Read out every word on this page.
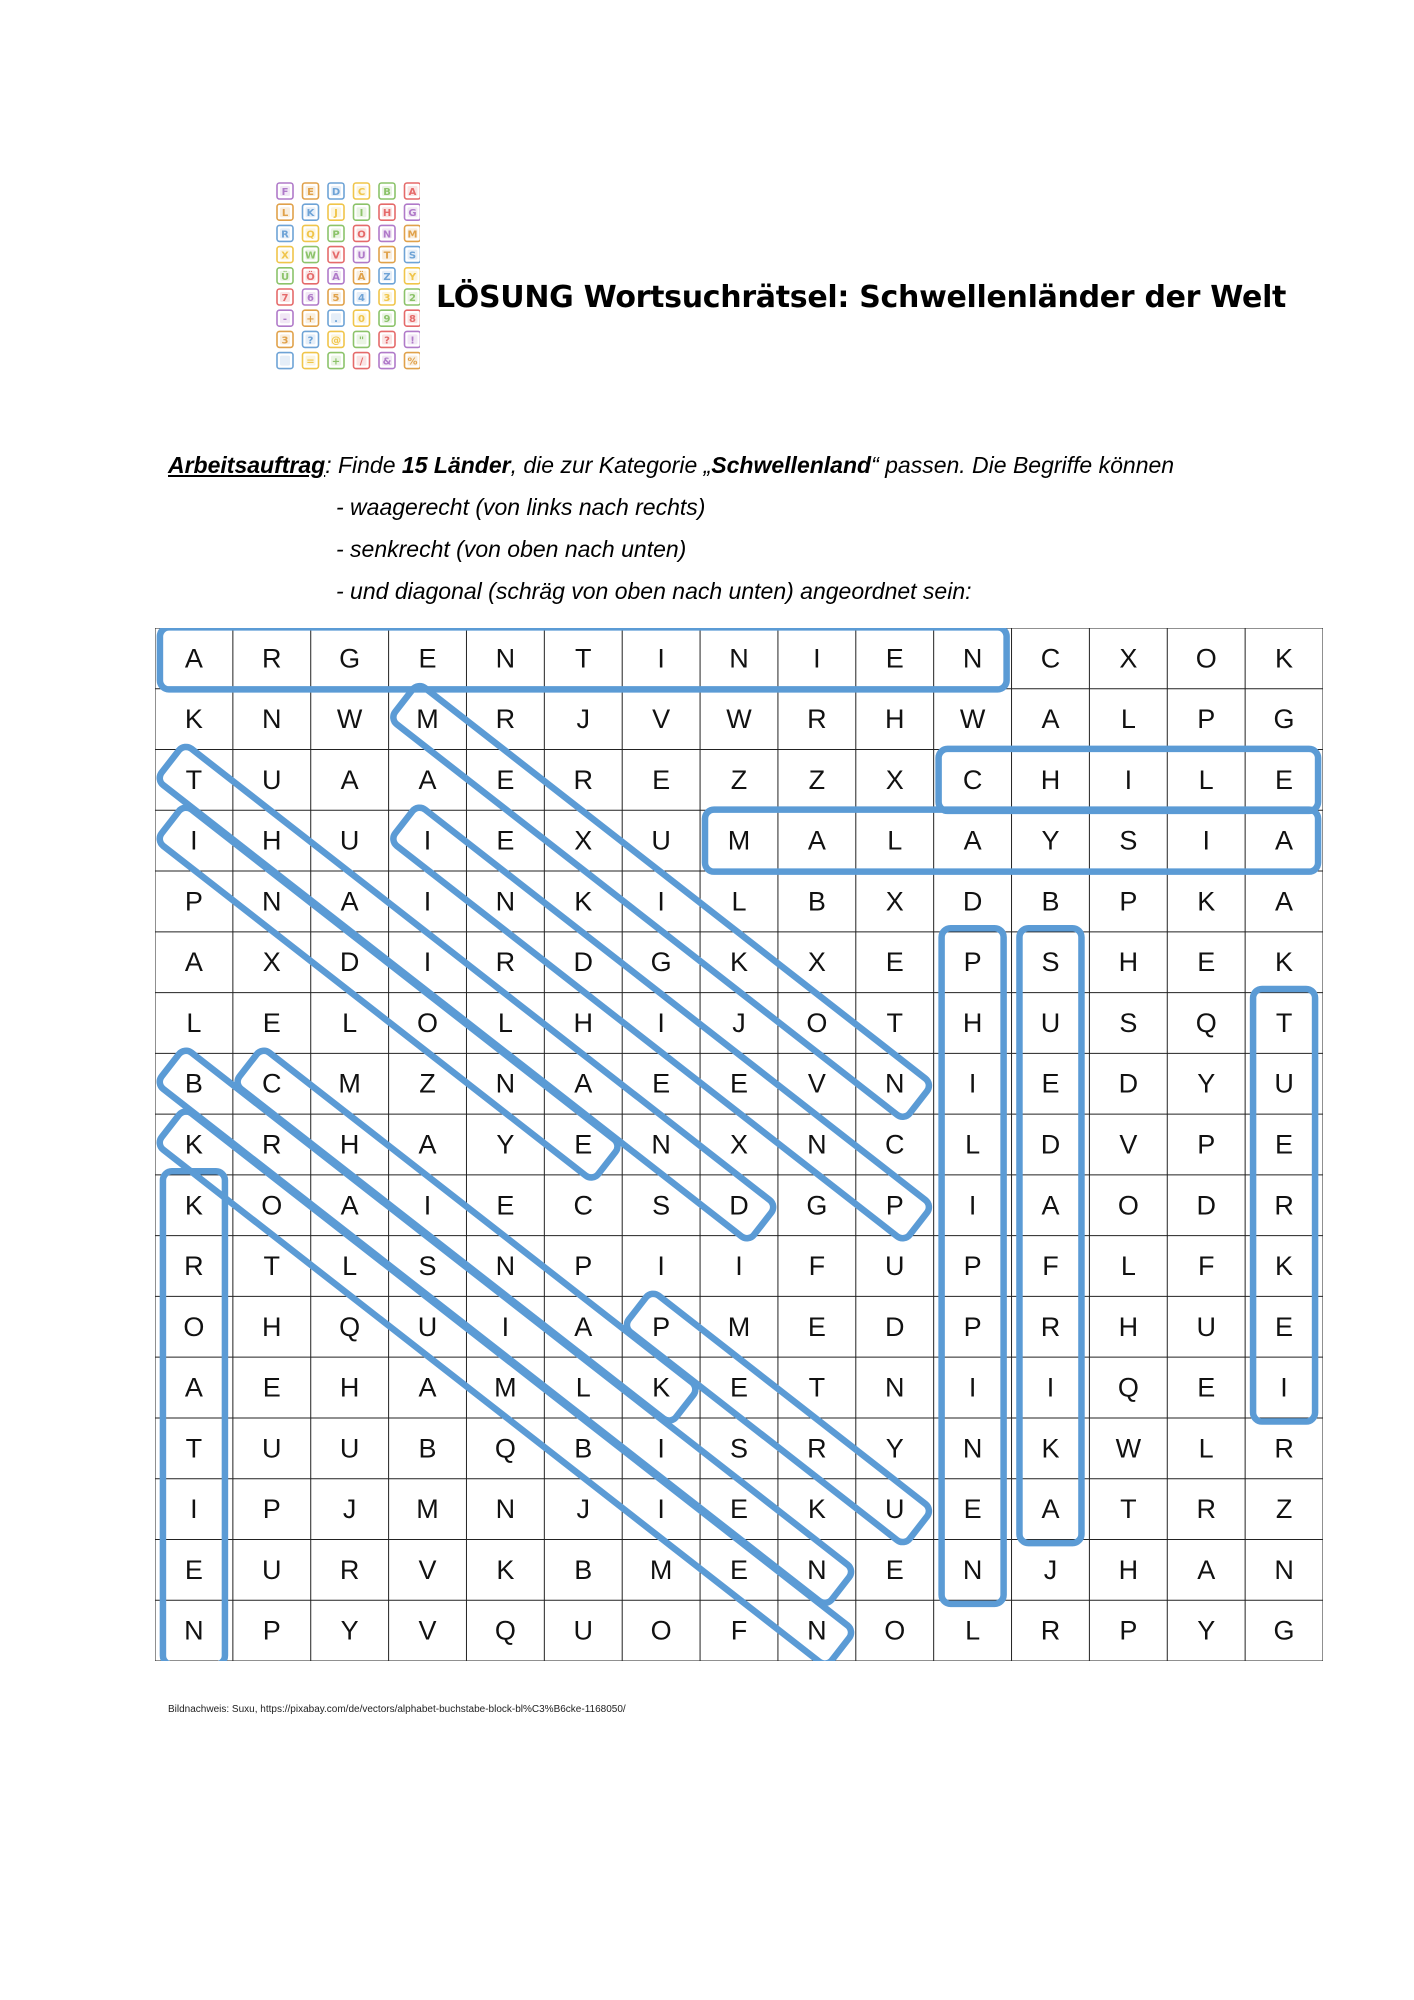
F E D C B A
L K J I H G
R Q P O N M
X W V U T S
Ü Ö Ä Ä Z Y
7 6 5 4 3 2
- + . 0 9 8
3 ? @ " ? !
= + / & %
LÖSUNG Wortsuchrätsel: Schwellenländer der Welt
Arbeitsauftrag: Finde 15 Länder, die zur Kategorie „Schwellenland“ passen. Die Begriffe können
- waagerecht (von links nach rechts)
- senkrecht (von oben nach unten)
- und diagonal (schräg von oben nach unten) angeordnet sein:
A R G E N T I N I E N C X O K
K N W M R J V W R H W A L P G
T U A A E R E Z Z X C H I L E
I H U I E X U M A L A Y S I A
P N A I N K I L B X D B P K A
A X D I R D G K X E P S H E K
L E L O L H I J O T H U S Q T
B C M Z N A E E V N I E D Y U
K R H A Y E N X N C L D V P E
K O A I E C S D G P I A O D R
R T L S N P I	I F U P F L F K
O H Q U I A P M E D P R H U E
A E H A M L K E T N I	I Q E I
T U U B Q B I S R Y N K W L R
I P J M N J I E K U E A T R Z
E U R V K B M E N E N J H A N
N P Y V Q U O F N O L R P Y G
Bildnachweis: Suxu, https://pixabay.com/de/vectors/alphabet-buchstabe-block-bl%C3%B6cke-1168050/
